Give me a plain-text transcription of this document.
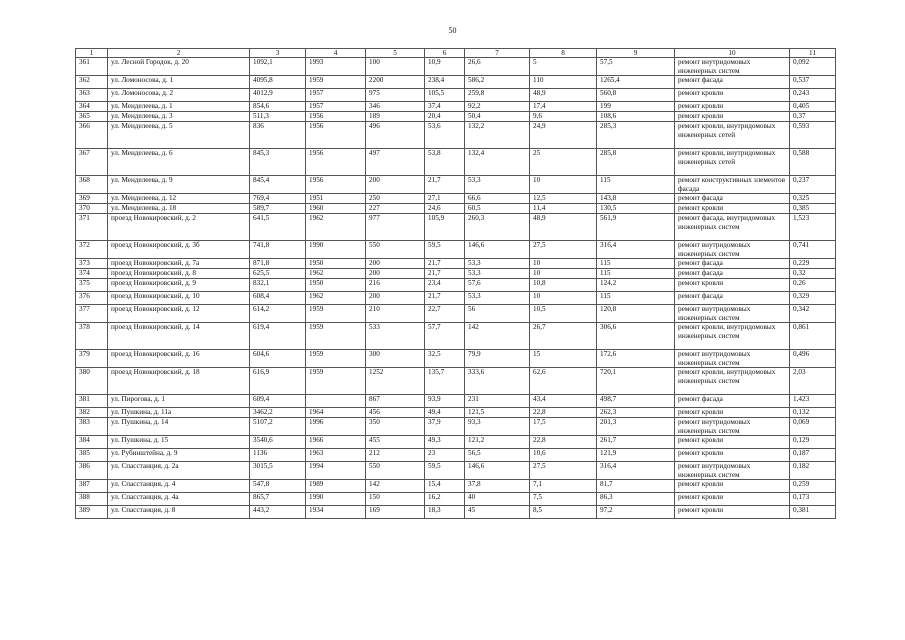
50
1	2	3	4	5	6	7	8	9	10	11
361	ул. Лесной Городок, д. 20	1092,1	1993	100	10,9	26,6	5	57,5	ремонт внутридомовых инженерных систем	0,092
362	ул. Ломоносова, д. 1	4095,8	1959	2200	238,4	586,2	110	1265,4	ремонт фасада	0,537
363	ул. Ломоносова, д. 2	4012,9	1957	975	105,5	259,8	48,9	560,8	ремонт кровли	0,243
364	ул. Менделеева, д. 1	854,6	1957	346	37,4	92,2	17,4	199	ремонт кровли	0,405
365	ул. Менделеева, д. 3	511,3	1956	189	20,4	50,4	9,6	108,6	ремонт кровли	0,37
366	ул. Менделеева, д. 5	836	1956	496	53,6	132,2	24,9	285,3	ремонт кровли, внутридомовых инженерных сетей	0,593
367	ул. Менделеева, д. 6	845,3	1956	497	53,8	132,4	25	285,8	ремонт кровли, внутридомовых инженерных сетей	0,588
368	ул. Менделеева, д. 9	845,4	1956	200	21,7	53,3	10	115	ремонт конструктивных элементов фасада	0,237
369	ул. Менделеева, д. 12	769,4	1951	250	27,1	66,6	12,5	143,8	ремонт фасада	0,325
370	ул. Менделеева, д. 18	589,7	1960	227	24,6	60,5	11,4	130,5	ремонт кровли	0,385
371	проезд Новокировский, д. 2	641,5	1962	977	105,9	260,3	48,9	561,9	ремонт фасада, внутридомовых инженерных систем	1,523
372	проезд Новокировский, д. 3б	741,8	1990	550	59,5	146,6	27,5	316,4	ремонт внутридомовых инженерных систем	0,741
373	проезд Новокировский, д. 7а	871,8	1950	200	21,7	53,3	10	115	ремонт фасада	0,229
374	проезд Новокировский, д. 8	625,5	1962	200	21,7	53,3	10	115	ремонт фасада	0,32
375	проезд Новокировский, д. 9	832,1	1950	216	23,4	57,6	10,8	124,2	ремонт кровли	0,26
376	проезд Новокировский, д. 10	608,4	1962	200	21,7	53,3	10	115	ремонт фасада	0,329
377	проезд Новокировский, д. 12	614,2	1959	210	22,7	56	10,5	120,8	ремонт внутридомовых инженерных систем	0,342
378	проезд Новокировский, д. 14	619,4	1959	533	57,7	142	26,7	306,6	ремонт кровли, внутридомовых инженерных систем	0,861
379	проезд Новокировский, д. 16	604,6	1959	300	32,5	79,9	15	172,6	ремонт внутридомовых инженерных систем	0,496
380	проезд Новокировский, д. 18	616,9	1959	1252	135,7	333,6	62,6	720,1	ремонт кровли, внутридомовых инженерных систем	2,03
381	ул. Пирогова, д. 1	609,4		867	93,9	231	43,4	498,7	ремонт фасада	1,423
382	ул. Пушкина, д. 11а	3462,2	1964	456	49,4	121,5	22,8	262,3	ремонт кровли	0,132
383	ул. Пушкина, д. 14	5107,2	1996	350	37,9	93,3	17,5	201,3	ремонт внутридомовых инженерных систем	0,069
384	ул. Пушкина, д. 15	3540,6	1966	455	49,3	121,2	22,8	261,7	ремонт кровли	0,129
385	ул. Рубинштейна, д. 9	1136	1963	212	23	56,5	10,6	121,9	ремонт кровли	0,187
386	ул. Спасстанция, д. 2а	3015,5	1994	550	59,5	146,6	27,5	316,4	ремонт внутридомовых инженерных систем	0,182
387	ул. Спасстанция, д. 4	547,8	1989	142	15,4	37,8	7,1	81,7	ремонт кровли	0,259
388	ул. Спасстанция, д. 4а	865,7	1990	150	16,2	40	7,5	86,3	ремонт кровли	0,173
389	ул. Спасстанция, д. 8	443,2	1934	169	18,3	45	8,5	97,2	ремонт кровли	0,381
